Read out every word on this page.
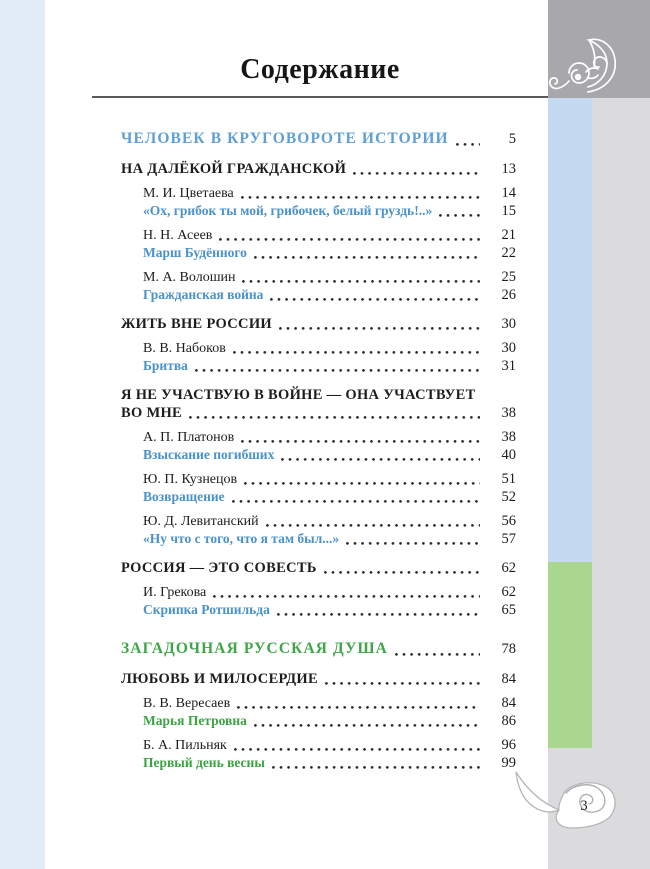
3
Содержание
ЧЕЛОВЕК В КРУГОВОРОТЕ ИСТОРИИ	5
НА ДАЛЁКОЙ ГРАЖДАНСКОЙ	13
М. И. Цветаева	14
«Ох, грибок ты мой, грибочек, белый груздь!..»	15
Н. Н. Асеев	21
Марш Будённого	22
М. А. Волошин	25
Гражданская война	26
ЖИТЬ ВНЕ РОССИИ	30
В. В. Набоков	30
Бритва	31
Я НЕ УЧАСТВУЮ В ВОЙНЕ — ОНА УЧАСТВУЕТ
ВО МНЕ	38
А. П. Платонов	38
Взыскание погибших	40
Ю. П. Кузнецов	51
Возвращение	52
Ю. Д. Левитанский	56
«Ну что с того, что я там был...»	57
РОССИЯ — ЭТО СОВЕСТЬ	62
И. Грекова	62
Скрипка Ротшильда	65
ЗАГАДОЧНАЯ РУССКАЯ ДУША	78
ЛЮБОВЬ И МИЛОСЕРДИЕ	84
В. В. Вересаев	84
Марья Петровна	86
Б. А. Пильняк	96
Первый день весны	99
